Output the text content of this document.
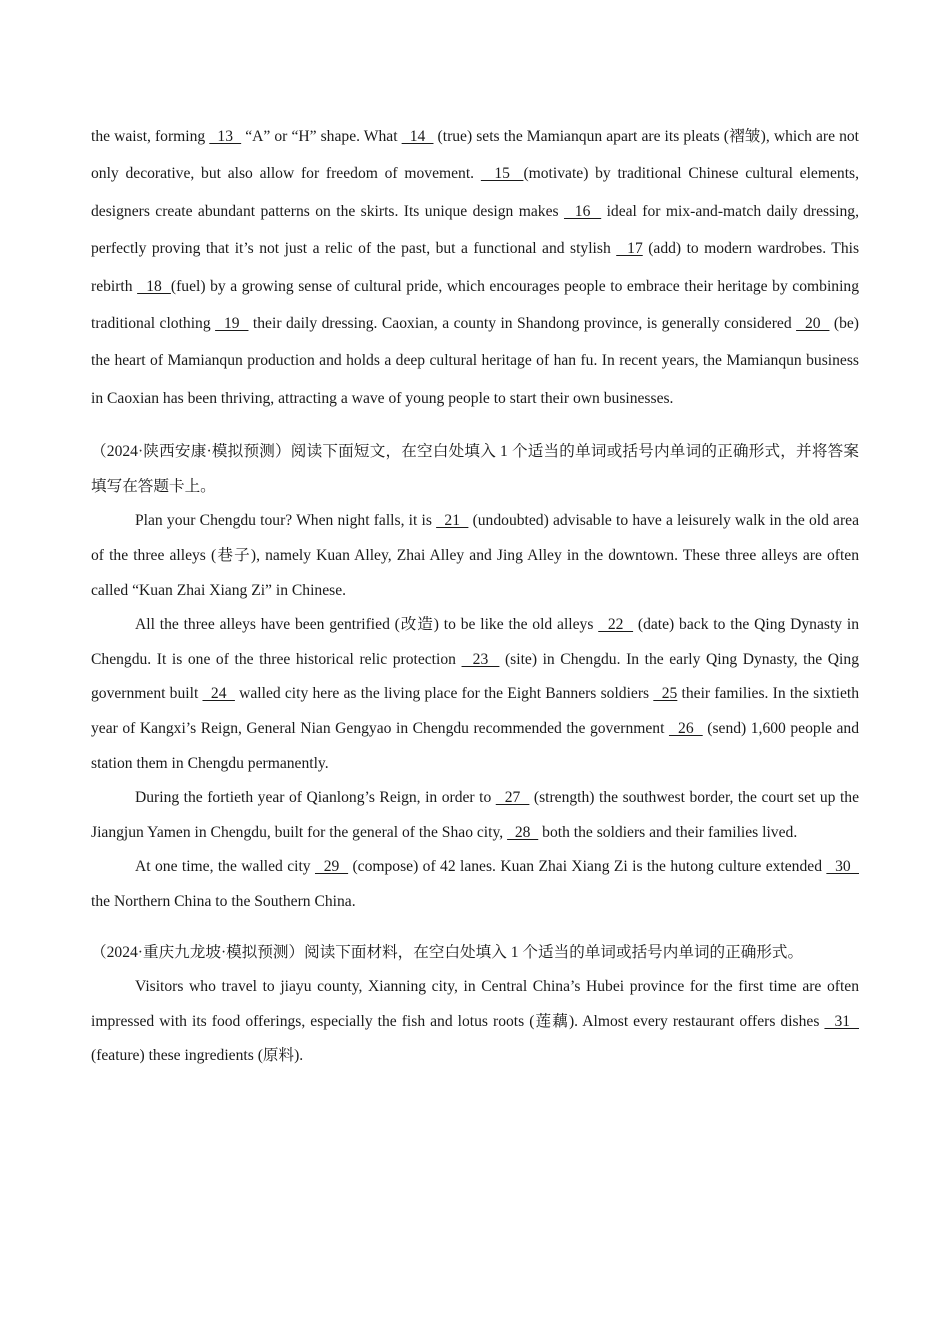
the waist, forming   13   “A” or “H” shape. What   14   (true) sets the Mamianqun apart are its pleats (褶皱), which are not only decorative, but also allow for freedom of movement.   15  (motivate) by traditional Chinese cultural elements, designers create abundant patterns on the skirts. Its unique design makes   16   ideal for mix-and-match daily dressing, perfectly proving that it’s not just a relic of the past, but a functional and stylish   17 (add) to modern wardrobes. This rebirth   18  (fuel) by a growing sense of cultural pride, which encourages people to embrace their heritage by combining traditional clothing   19   their daily dressing. Caoxian, a county in Shandong province, is generally considered   20   (be) the heart of Mamianqun production and holds a deep cultural heritage of han fu. In recent years, the Mamianqun business in Caoxian has been thriving, attracting a wave of young people to start their own businesses.

（2024·陕西安康·模拟预测）阅读下面短文，在空白处填入 1 个适当的单词或括号内单词的正确形式，并将答案填写在答题卡上。

Plan your Chengdu tour? When night falls, it is   21   (undoubted) advisable to have a leisurely walk in the old area of the three alleys (巷子), namely Kuan Alley, Zhai Alley and Jing Alley in the downtown. These three alleys are often called “Kuan Zhai Xiang Zi” in Chinese.

All the three alleys have been gentrified (改造) to be like the old alleys   22   (date) back to the Qing Dynasty in Chengdu. It is one of the three historical relic protection   23   (site) in Chengdu. In the early Qing Dynasty, the Qing government built   24   walled city here as the living place for the Eight Banners soldiers   25 their families. In the sixtieth year of Kangxi’s Reign, General Nian Gengyao in Chengdu recommended the government   26   (send) 1,600 people and station them in Chengdu permanently.

During the fortieth year of Qianlong’s Reign, in order to   27   (strength) the southwest border, the court set up the Jiangjun Yamen in Chengdu, built for the general of the Shao city,   28   both the soldiers and their families lived.

At one time, the walled city   29   (compose) of 42 lanes. Kuan Zhai Xiang Zi is the hutong culture extended   30   the Northern China to the Southern China.

（2024·重庆九龙坡·模拟预测）阅读下面材料，在空白处填入 1 个适当的单词或括号内单词的正确形式。

Visitors who travel to jiayu county, Xianning city, in Central China’s Hubei province for the first time are often impressed with its food offerings, especially the fish and lotus roots (莲藕). Almost every restaurant offers dishes   31   (feature) these ingredients (原料).
